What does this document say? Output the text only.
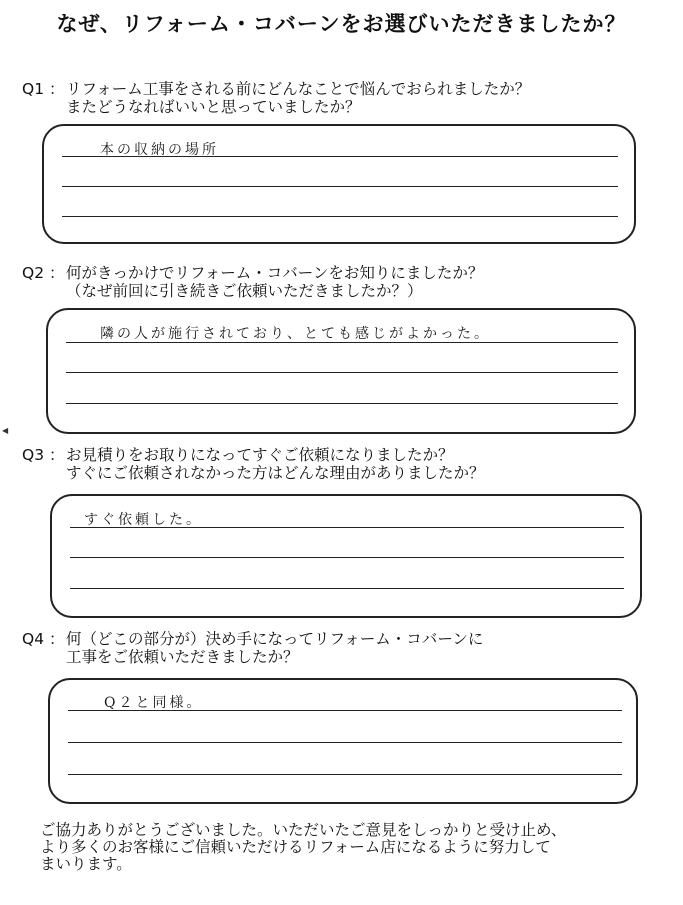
なぜ、リフォーム・コバーンをお選びいただきましたか？
Q1 ：リフォーム工事をされる前にどんなことで悩んでおられましたか？
またどうなればいいと思っていましたか？
本の収納の場所
Q2 ：何がきっかけでリフォーム・コバーンをお知りにましたか？
（なぜ前回に引き続きご依頼いただきましたか？）
隣の人が施行されており、とても感じがよかった。
◀
Q3 ：お見積りをお取りになってすぐご依頼になりましたか？
すぐにご依頼されなかった方はどんな理由がありましたか？
すぐ依頼した。
Q4 ：何（どこの部分が）決め手になってリフォーム・コバーンに
工事をご依頼いただきましたか？
Q２と同様。
ご協力ありがとうございました。いただいたご意見をしっかりと受け止め、
より多くのお客様にご信頼いただけるリフォーム店になるように努力して
まいります。
